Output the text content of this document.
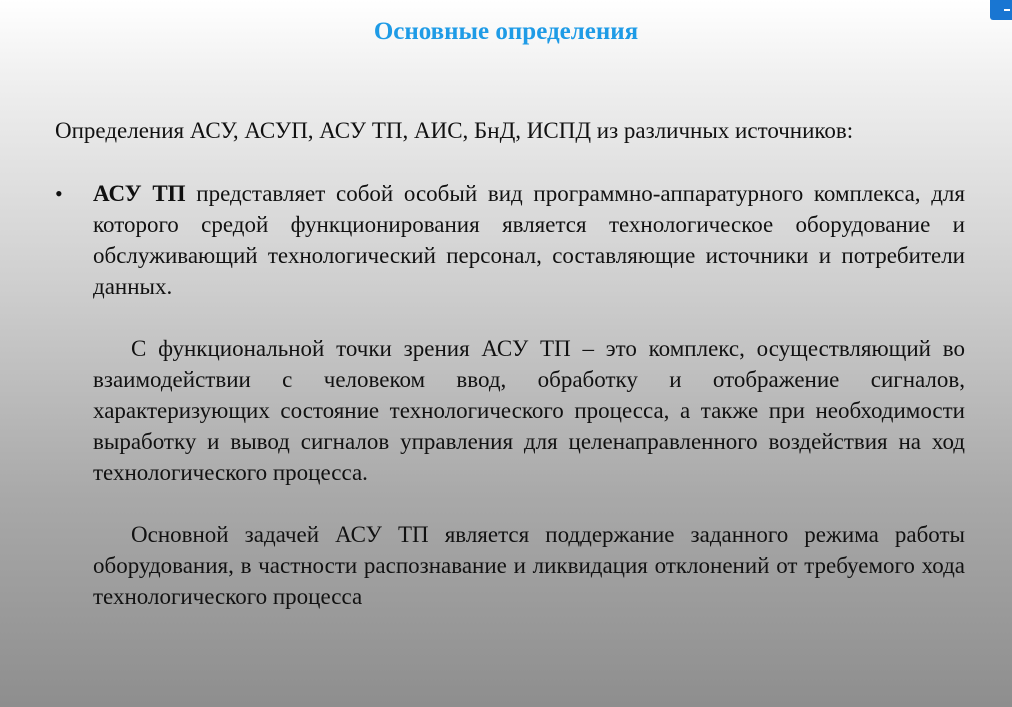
Основные определения

Определения АСУ, АСУП, АСУ ТП, АИС, БнД, ИСПД из различных источников:

• АСУ ТП представляет собой особый вид программно-аппаратурного комплекса, для которого средой функционирования является технологическое оборудование и обслуживающий технологический персонал, составляющие источники и потребители данных.

С функциональной точки зрения АСУ ТП – это комплекс, осуществляющий во взаимодействии с человеком ввод, обработку и отображение сигналов, характеризующих состояние технологического процесса, а также при необходимости выработку и вывод сигналов управления для целенаправленного воздействия на ход технологического процесса.

Основной задачей АСУ ТП является поддержание заданного режима работы оборудования, в частности распознавание и ликвидация отклонений от требуемого хода технологического процесса
